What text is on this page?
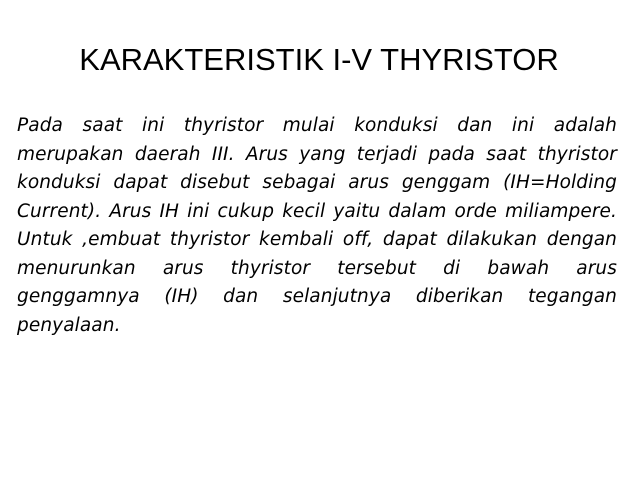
KARAKTERISTIK I-V THYRISTOR
Pada saat ini thyristor mulai konduksi dan ini adalah merupakan daerah III. Arus yang terjadi pada saat thyristor konduksi dapat disebut sebagai arus genggam (IH=Holding Current). Arus IH ini cukup kecil yaitu dalam orde miliampere. Untuk ,embuat thyristor kembali off, dapat dilakukan dengan menurunkan arus thyristor tersebut di bawah arus genggamnya (IH) dan selanjutnya diberikan tegangan penyalaan.
